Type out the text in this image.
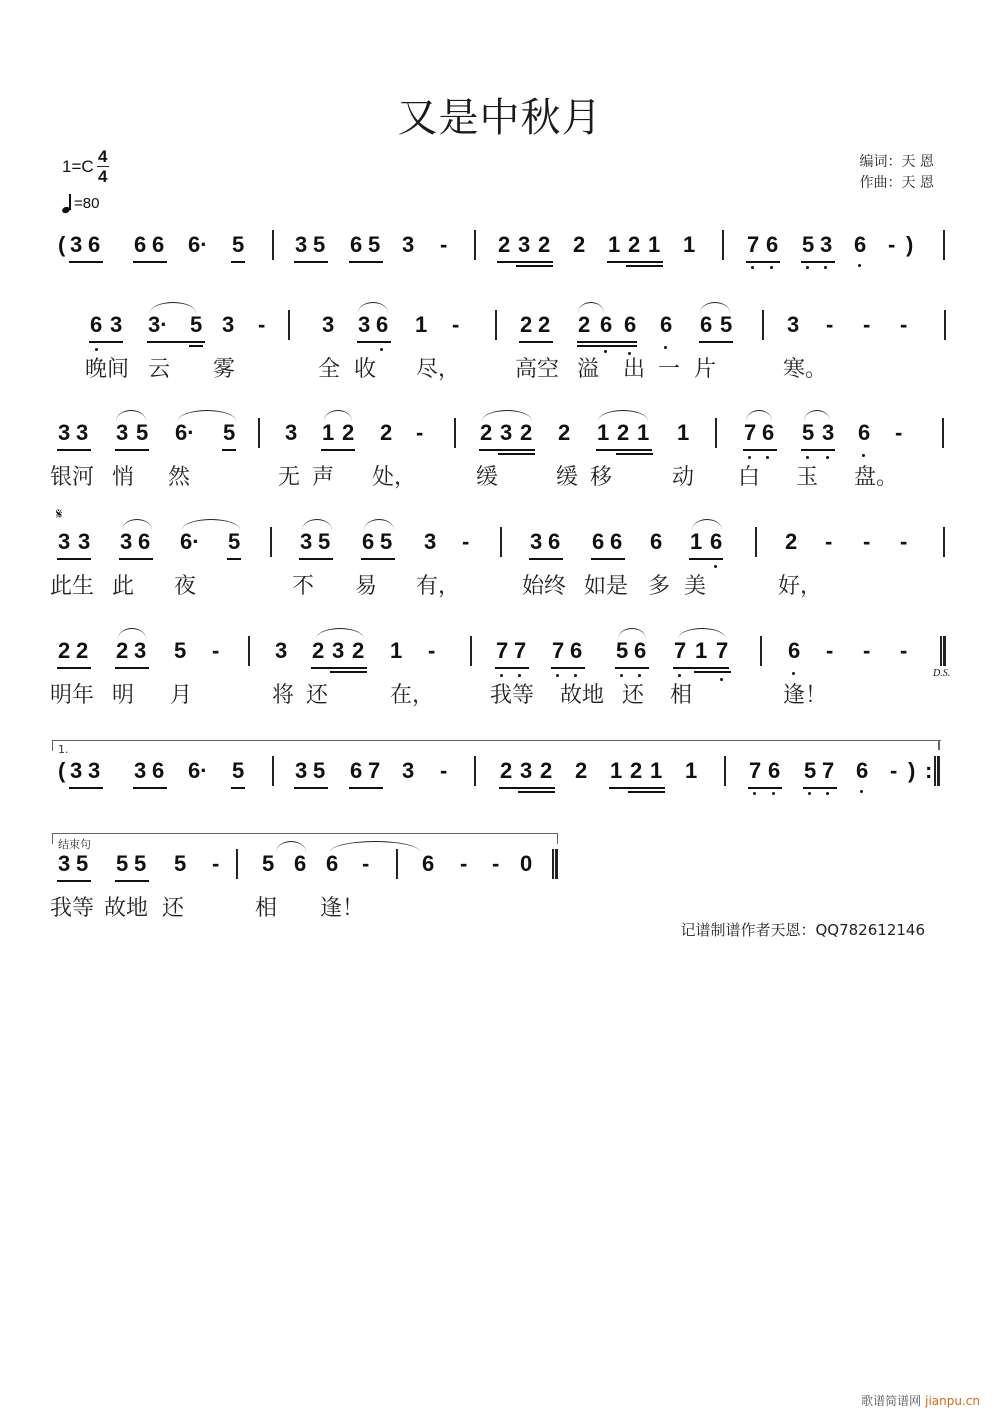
又是中秋月
1=C 4
4
=80
编词：天 恩
作曲：天 恩
( 3 6 6 6 6· 5 3 5 6 5 3 - 2 3 2 2 1 2 1 1 7 6 5 3 6 - )
6 3 3· 5 3 -	3 3 6 1 -	2 2 2 6 6 6 6 5 3 - - -
晚间 云 雾	全 收 尽， 高空 溢 出 一 片	寒。
3 3 3 5 6· 5 3 1 2 2 -	2 3 2 2 1 2 1 1 7 6 5 3 6 -
银河 悄 然	无 声 处，	缓	缓 移	动 白 玉 盘。
3 3 3 6 6· 5	3 5 6 5 3 -	3 6 6 6 6 1 6	2 - - -
此生 此 夜	不 易 有，	始终 如是 多 美	好，
2 2 2 3 5 -	3 2 3 2 1 -	7 7 7 6 5 6 7 1 7	6 - - -
明年 明 月	将 还	在，	我等 故地 还 相	逢！
( 3 3 3 6 6· 5 3 5 6 7 3 - 2 3 2 2 1 2 1 1 7 6 5 7 6 - ) :
3 5 5 5 5 - 5 6 6 - 6 - - 0
我等 故地 还	相 逢！
𝄋
D.S.
1.
结束句
记谱制谱作者天恩：QQ782612146
歌谱简谱网 jianpu.cn
